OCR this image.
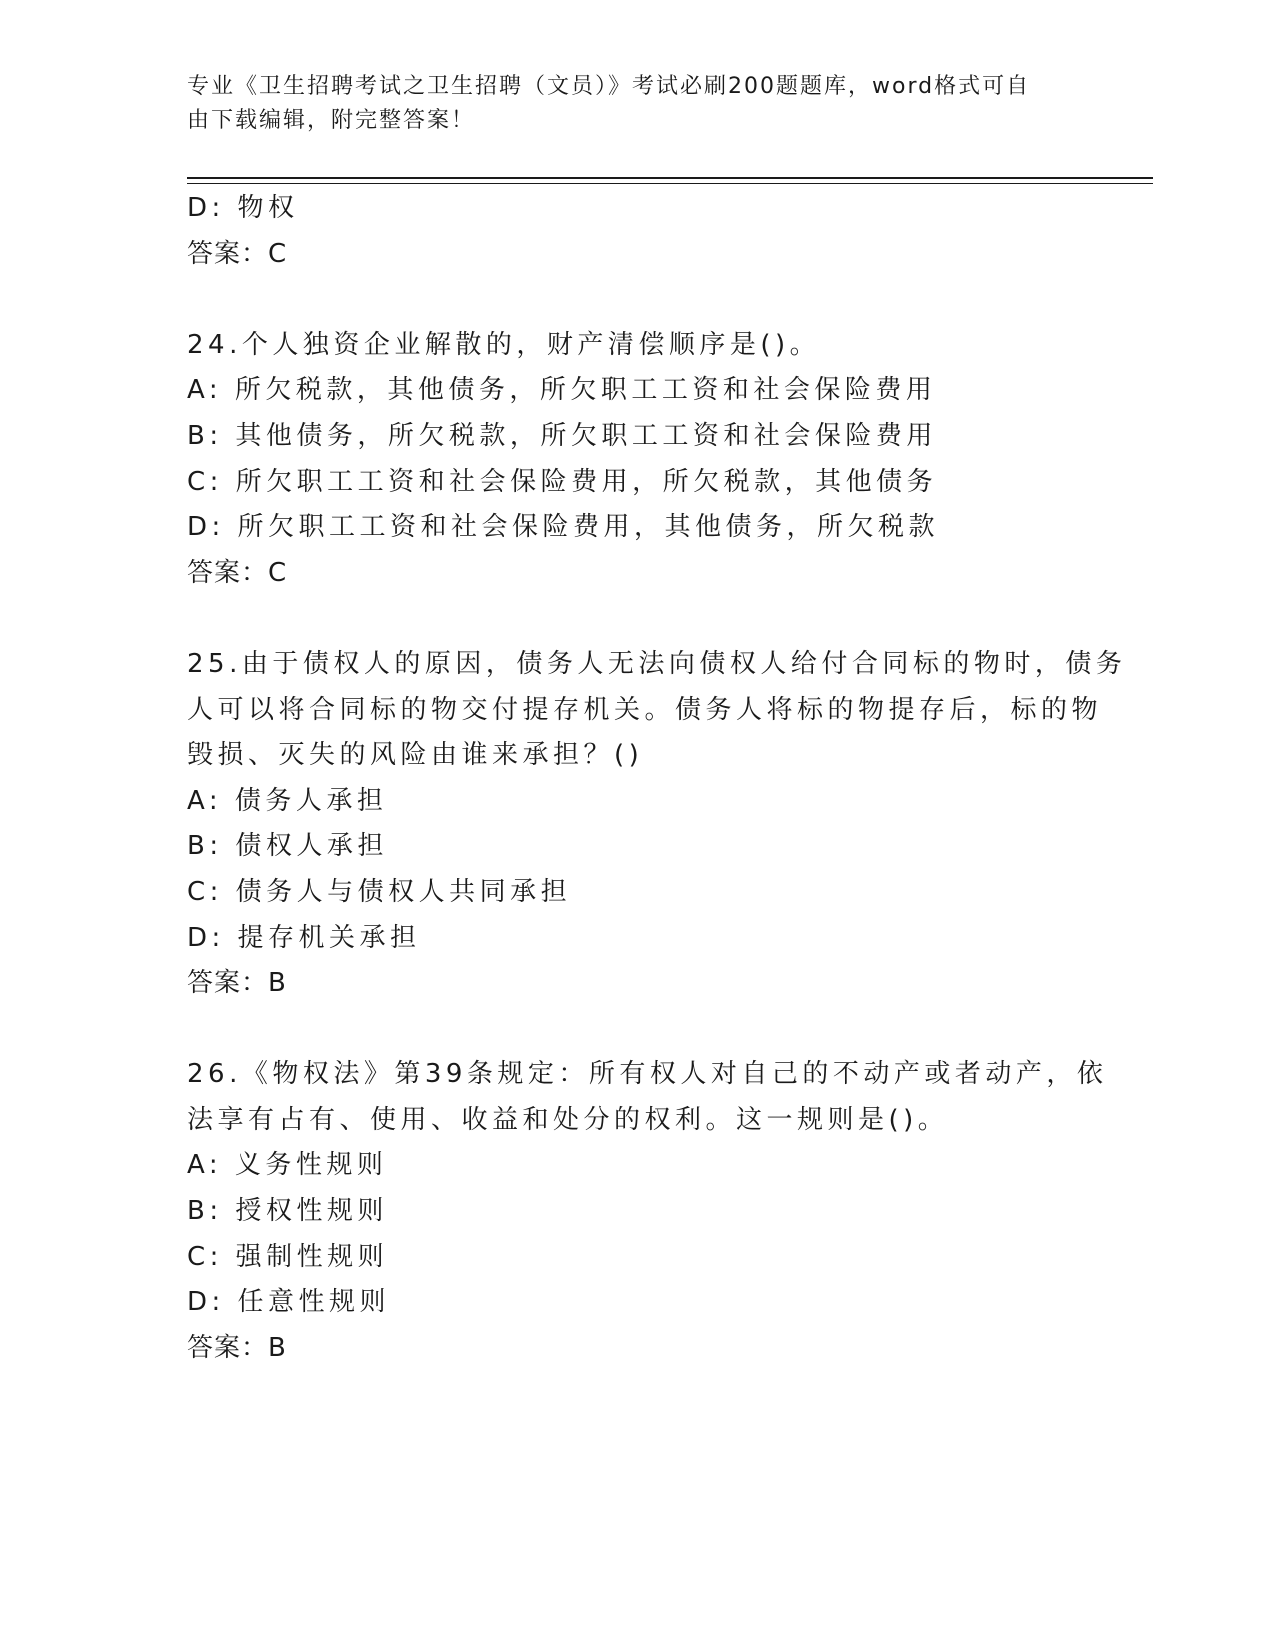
专业《卫生招聘考试之卫生招聘（文员）》考试必刷200题题库，word格式可自
由下载编辑，附完整答案！
D: 物权
答案：C
24.个人独资企业解散的，财产清偿顺序是()。
A: 所欠税款，其他债务，所欠职工工资和社会保险费用
B: 其他债务，所欠税款，所欠职工工资和社会保险费用
C: 所欠职工工资和社会保险费用，所欠税款，其他债务
D: 所欠职工工资和社会保险费用，其他债务，所欠税款
答案：C
25.由于债权人的原因，债务人无法向债权人给付合同标的物时，债务
人可以将合同标的物交付提存机关。债务人将标的物提存后，标的物
毁损、灭失的风险由谁来承担？()
A: 债务人承担
B: 债权人承担
C: 债务人与债权人共同承担
D: 提存机关承担
答案：B
26.《物权法》第39条规定：所有权人对自己的不动产或者动产，依
法享有占有、使用、收益和处分的权利。这一规则是()。
A: 义务性规则
B: 授权性规则
C: 强制性规则
D: 任意性规则
答案：B
